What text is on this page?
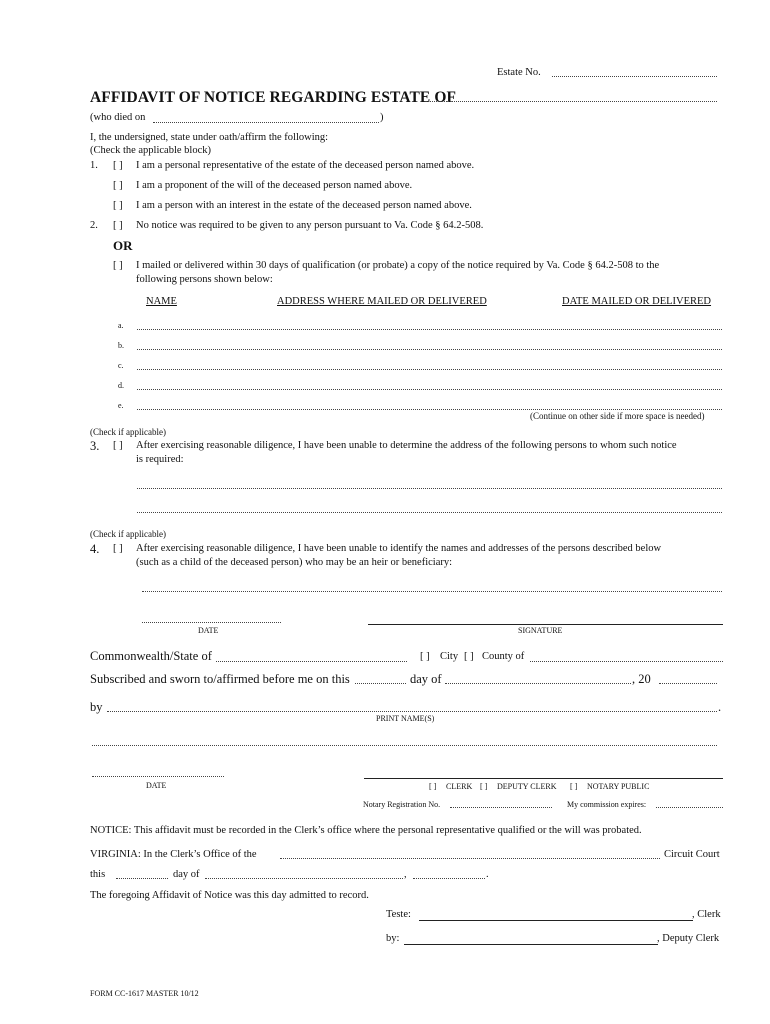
Estate No.
AFFIDAVIT OF NOTICE REGARDING ESTATE OF
(who died on	)
I, the undersigned, state under oath/affirm the following:
(Check the applicable block)
1. [ ] I am a personal representative of the estate of the deceased person named above.
[ ] I am a proponent of the will of the deceased person named above.
[ ] I am a person with an interest in the estate of the deceased person named above.
2. [ ] No notice was required to be given to any person pursuant to Va. Code § 64.2-508.
OR
[ ] I mailed or delivered within 30 days of qualification (or probate) a copy of the notice required by Va. Code § 64.2-508 to the
following persons shown below:
NAME	ADDRESS WHERE MAILED OR DELIVERED	DATE MAILED OR DELIVERED
a.
b.
c.
d.
e.
(Continue on other side if more space is needed)
(Check if applicable)
3. [ ] After exercising reasonable diligence, I have been unable to determine the address of the following persons to whom such notice
is required:
(Check if applicable)
4. [ ] After exercising reasonable diligence, I have been unable to identify the names and addresses of the persons described below
(such as a child of the deceased person) who may be an heir or beneficiary:
DATE	SIGNATURE
Commonwealth/State of	[ ] City [ ] County of
Subscribed and sworn to/affirmed before me on this	day of	, 20
by	.
PRINT NAME(S)
DATE	[ ] CLERK [ ] DEPUTY CLERK [ ] NOTARY PUBLIC
Notary Registration No.	My commission expires:
NOTICE: This affidavit must be recorded in the Clerk’s office where the personal representative qualified or the will was probated.
VIRGINIA: In the Clerk’s Office of the	Circuit Court
this	day of	,	.
The foregoing Affidavit of Notice was this day admitted to record.
Teste:	, Clerk
by:	, Deputy Clerk
FORM CC-1617 MASTER 10/12
